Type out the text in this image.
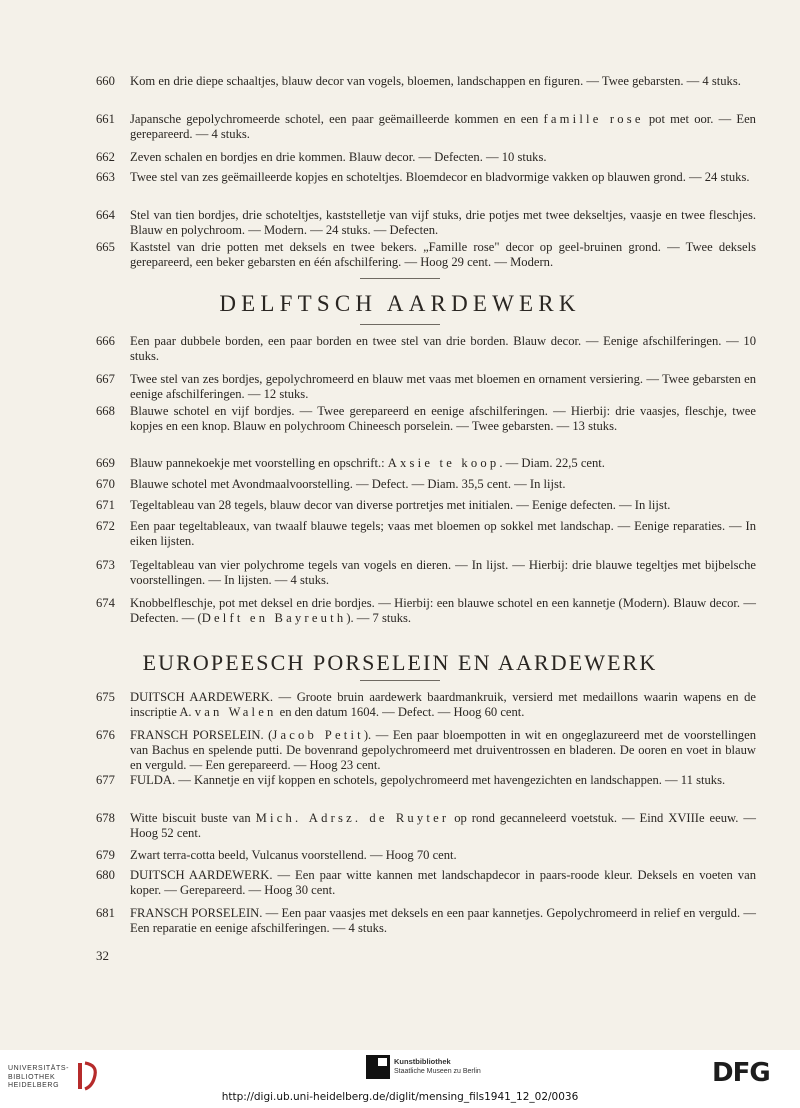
660	Kom en drie diepe schaaltjes, blauw decor van vogels, bloemen, landschappen en figuren. — Twee gebarsten. — 4 stuks.
661	Japansche gepolychromeerde schotel, een paar geëmailleerde kommen en een famille rose pot met oor. — Een gerepareerd. — 4 stuks.
662	Zeven schalen en bordjes en drie kommen. Blauw decor. — Defecten. — 10 stuks.
663	Twee stel van zes geëmailleerde kopjes en schoteltjes. Bloemdecor en bladvormige vakken op blauwen grond. — 24 stuks.
664	Stel van tien bordjes, drie schoteltjes, kaststelletje van vijf stuks, drie potjes met twee dekseltjes, vaasje en twee fleschjes. Blauw en polychroom. — Modern. — 24 stuks. — Defecten.
665	Kaststel van drie potten met deksels en twee bekers. „Famille rose" decor op geel-bruinen grond. — Twee deksels gerepareerd, een beker gebarsten en één afschilfering. — Hoog 29 cent. — Modern.
DELFTSCH AARDEWERK
666	Een paar dubbele borden, een paar borden en twee stel van drie borden. Blauw decor. — Eenige afschilferingen. — 10 stuks.
667	Twee stel van zes bordjes, gepolychromeerd en blauw met vaas met bloemen en ornament versiering. — Twee gebarsten en eenige afschilferingen. — 12 stuks.
668	Blauwe schotel en vijf bordjes. — Twee gerepareerd en eenige afschilferingen. — Hierbij: drie vaasjes, fleschje, twee kopjes en een knop. Blauw en polychroom Chineesch porselein. — Twee gebarsten. — 13 stuks.
669	Blauw pannekoekje met voorstelling en opschrift.: Axsie te koop. — Diam. 22,5 cent.
670	Blauwe schotel met Avondmaalvoorstelling. — Defect. — Diam. 35,5 cent. — In lijst.
671	Tegeltableau van 28 tegels, blauw decor van diverse portretjes met initialen. — Eenige defecten. — In lijst.
672	Een paar tegeltableaux, van twaalf blauwe tegels; vaas met bloemen op sokkel met landschap. — Eenige reparaties. — In eiken lijsten.
673	Tegeltableau van vier polychrome tegels van vogels en dieren. — In lijst. — Hierbij: drie blauwe tegeltjes met bijbelsche voorstellingen. — In lijsten. — 4 stuks.
674	Knobbelfleschje, pot met deksel en drie bordjes. — Hierbij: een blauwe schotel en een kannetje (Modern). Blauw decor. — Defecten. — (Delft en Bayreuth). — 7 stuks.
EUROPEESCH PORSELEIN EN AARDEWERK
675	DUITSCH AARDEWERK. — Groote bruin aardewerk baardmankruik, versierd met medaillons waarin wapens en de inscriptie A. van Walen en den datum 1604. — Defect. — Hoog 60 cent.
676	FRANSCH PORSELEIN. (Jacob Petit). — Een paar bloempotten in wit en ongeglazureerd met de voorstellingen van Bachus en spelende putti. De bovenrand gepolychromeerd met druiventrossen en bladeren. De ooren en voet in blauw en verguld. — Een gerepareerd. — Hoog 23 cent.
677	FULDA. — Kannetje en vijf koppen en schotels, gepolychromeerd met havengezichten en landschappen. — 11 stuks.
678	Witte biscuit buste van Mich. Adrsz. de Ruyter op rond gecanneleerd voetstuk. — Eind XVIIIe eeuw. — Hoog 52 cent.
679	Zwart terra-cotta beeld, Vulcanus voorstellend. — Hoog 70 cent.
680	DUITSCH AARDEWERK. — Een paar witte kannen met landschapdecor in paars-roode kleur. Deksels en voeten van koper. — Gerepareerd. — Hoog 30 cent.
681	FRANSCH PORSELEIN. — Een paar vaasjes met deksels en een paar kannetjes. Gepolychromeerd in relief en verguld. — Een reparatie en eenige afschilferingen. — 4 stuks.
32
UNIVERSITÄTS-
BIBLIOTHEK
HEIDELBERG
Kunstbibliothek
Staatliche Museen zu Berlin	DFG
http://digi.ub.uni-heidelberg.de/diglit/mensing_fils1941_12_02/0036
